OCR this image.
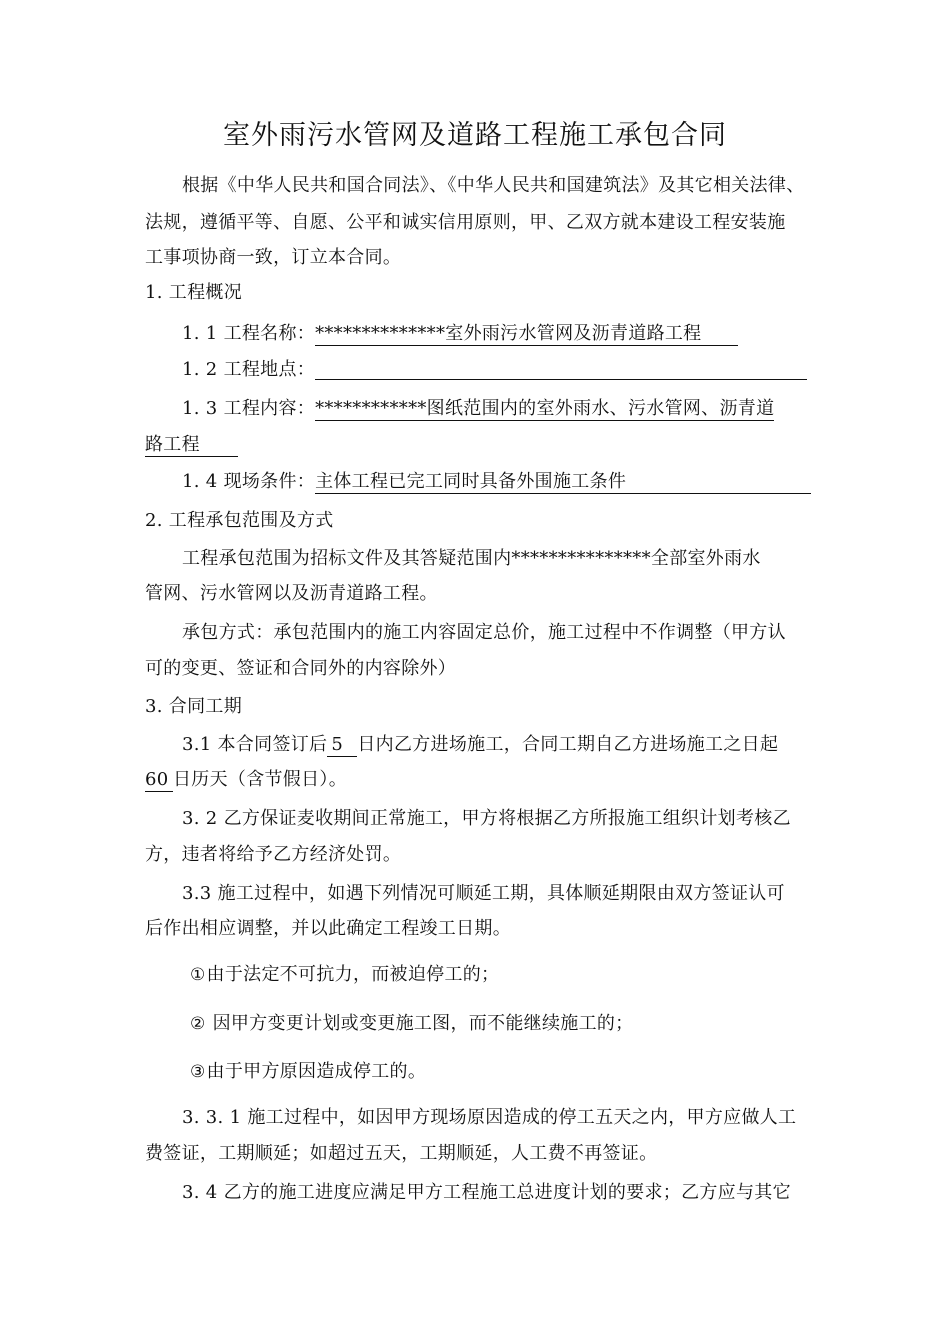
室外雨污水管网及道路工程施工承包合同
根据《中华人民共和国合同法》、《中华人民共和国建筑法》及其它相关法律、
法规，遵循平等、自愿、公平和诚实信用原则，甲、乙双方就本建设工程安装施
工事项协商一致，订立本合同。
1. 工程概况
1. 1 工程名称：**************室外雨污水管网及沥青道路工程
1. 2 工程地点：
1. 3 工程内容：************图纸范围内的室外雨水、污水管网、沥青道
路工程
1. 4 现场条件：主体工程已完工同时具备外围施工条件
2. 工程承包范围及方式
工程承包范围为招标文件及其答疑范围内***************全部室外雨水
管网、污水管网以及沥青道路工程。
承包方式：承包范围内的施工内容固定总价，施工过程中不作调整（甲方认
可的变更、签证和合同外的内容除外）
3. 合同工期
3.1 本合同签订后 5 日内乙方进场施工，合同工期自乙方进场施工之日起
60 日历天（含节假日）。
3. 2 乙方保证麦收期间正常施工，甲方将根据乙方所报施工组织计划考核乙
方，违者将给予乙方经济处罚。
3.3 施工过程中，如遇下列情况可顺延工期，具体顺延期限由双方签证认可
后作出相应调整，并以此确定工程竣工日期。
①由于法定不可抗力，而被迫停工的；
② 因甲方变更计划或变更施工图，而不能继续施工的；
③由于甲方原因造成停工的。
3. 3. 1 施工过程中，如因甲方现场原因造成的停工五天之内，甲方应做人工
费签证，工期顺延；如超过五天，工期顺延，人工费不再签证。
3. 4 乙方的施工进度应满足甲方工程施工总进度计划的要求；乙方应与其它
